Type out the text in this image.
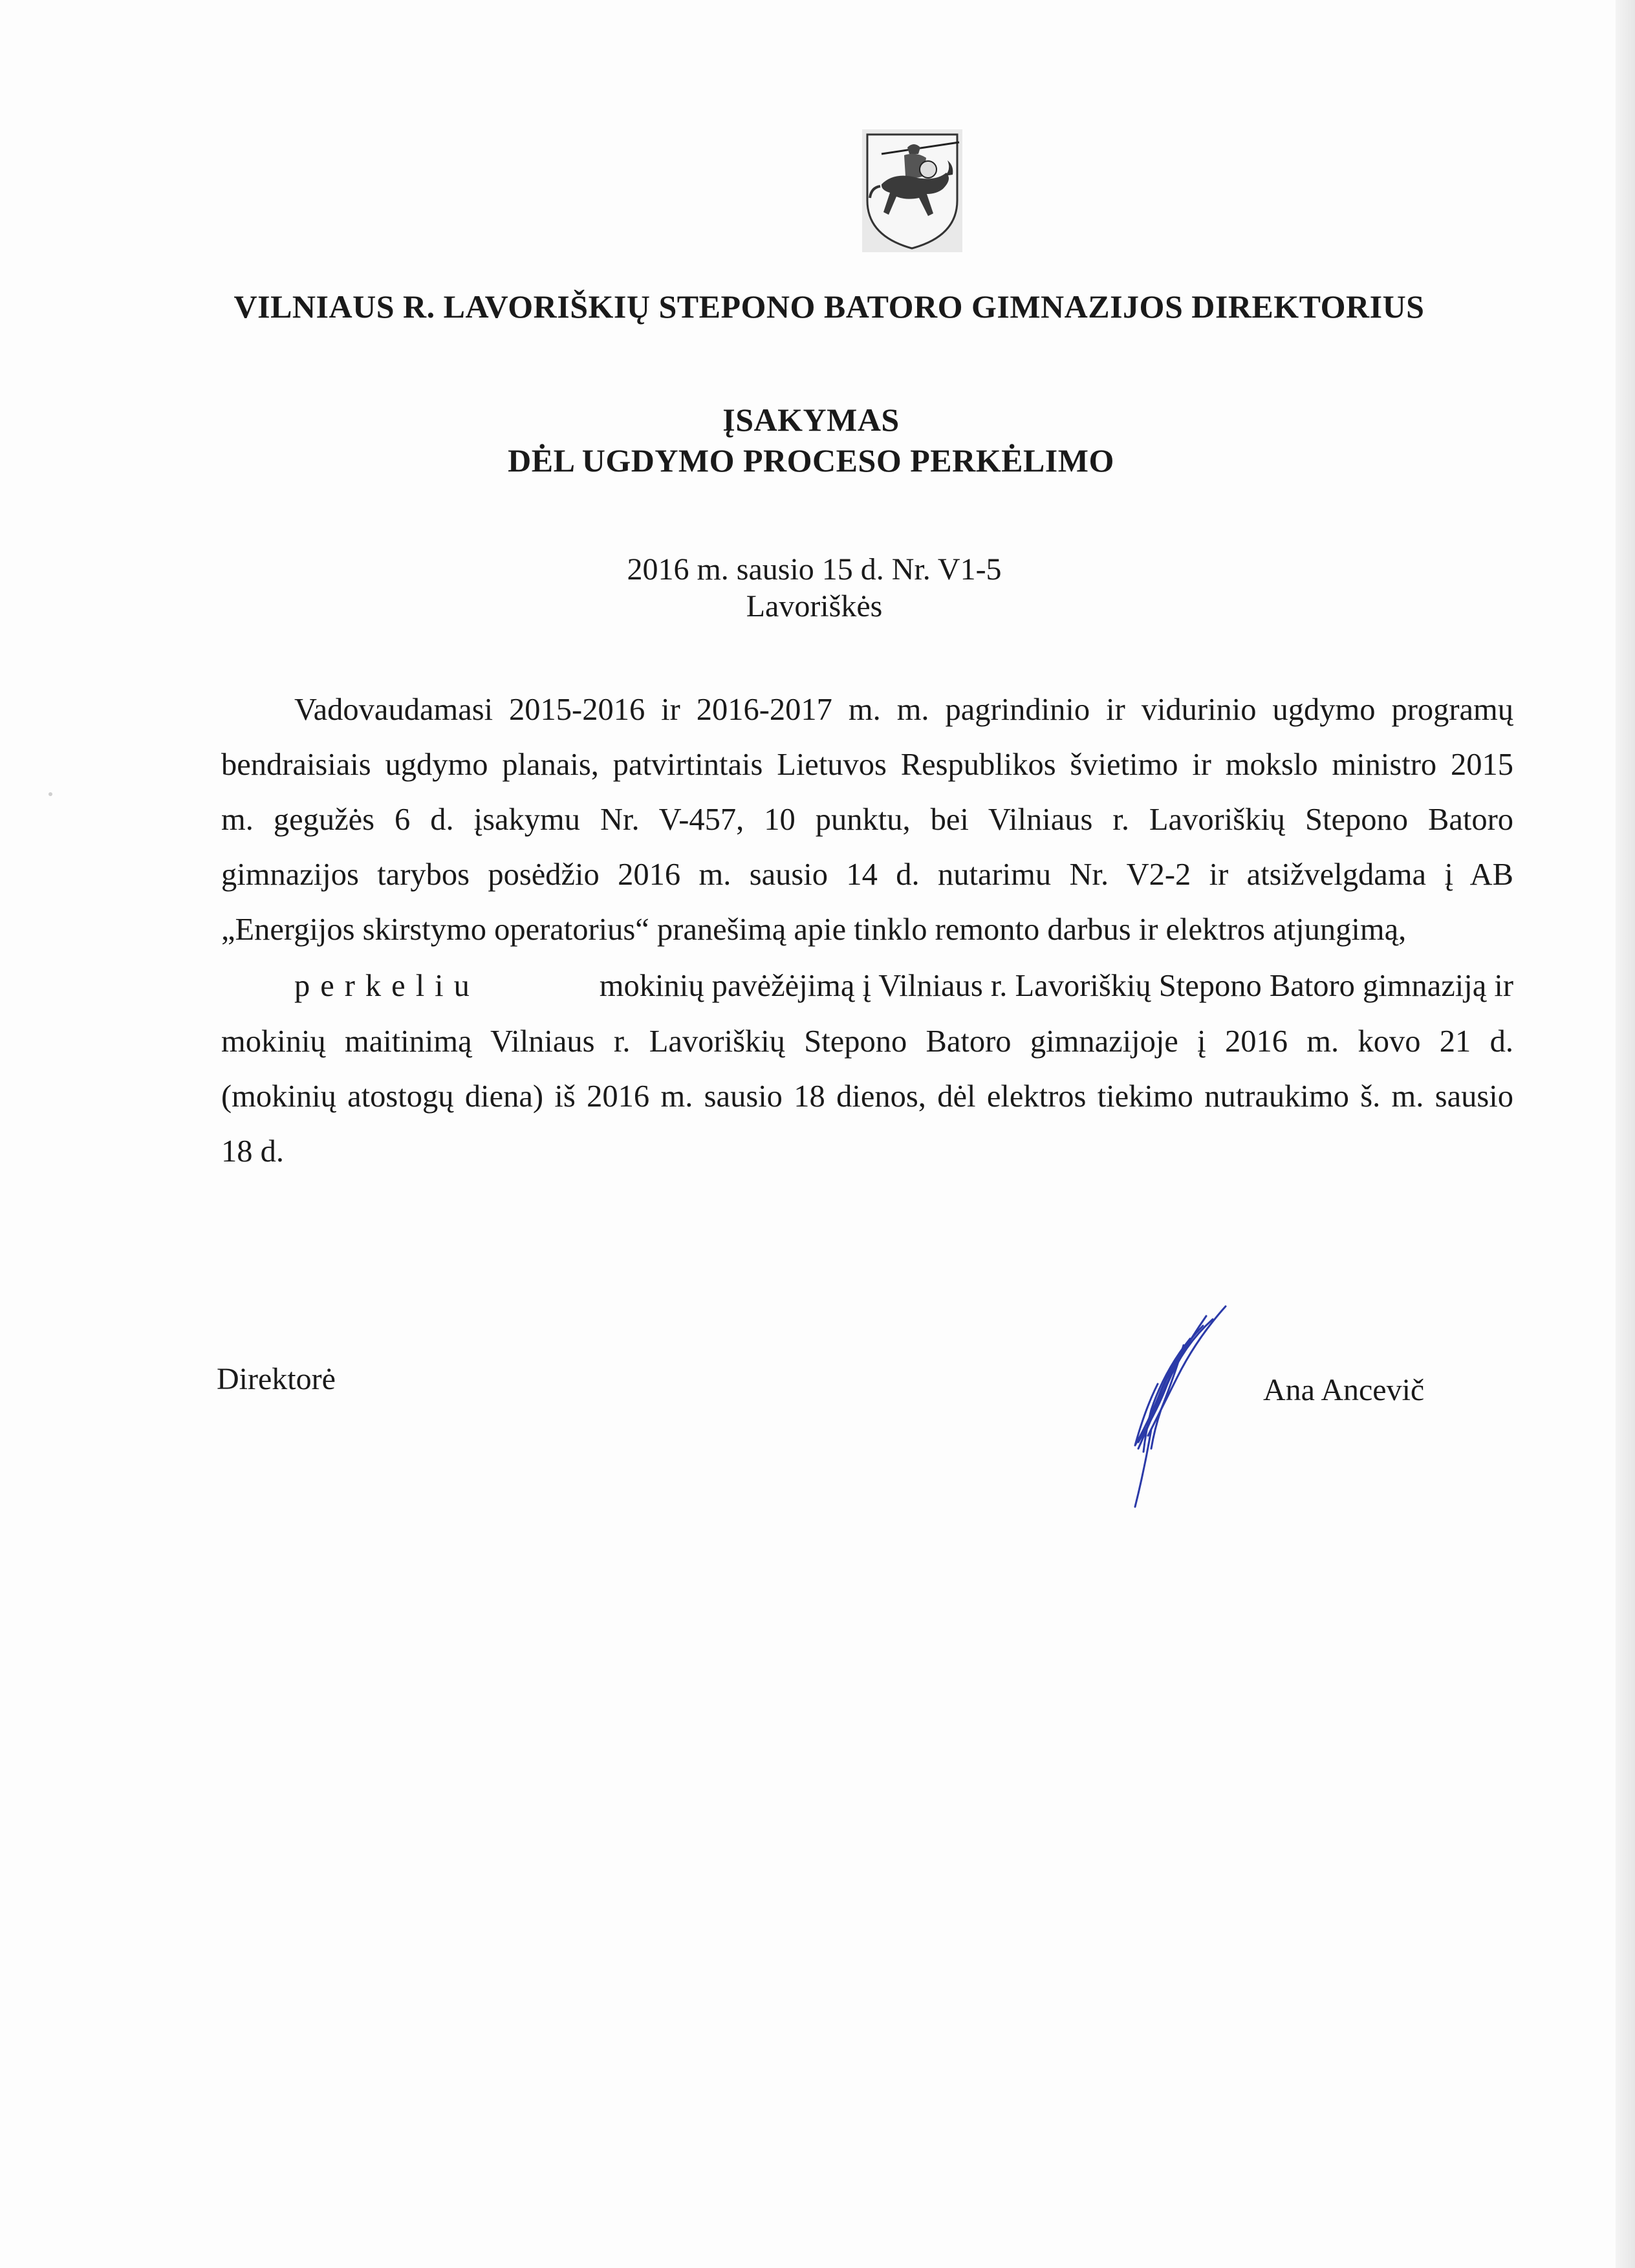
VILNIAUS R. LAVORIŠKIŲ STEPONO BATORO GIMNAZIJOS DIREKTORIUS
ĮSAKYMAS
DĖL UGDYMO PROCESO PERKĖLIMO
2016 m. sausio 15 d. Nr. V1-5
Lavoriškės
Vadovaudamasi 2015-2016 ir 2016-2017 m. m. pagrindinio ir vidurinio ugdymo programų
bendraisiais ugdymo planais, patvirtintais Lietuvos Respublikos švietimo ir mokslo ministro 2015
m. gegužės 6 d. įsakymu Nr. V-457, 10 punktu, bei Vilniaus r. Lavoriškių Stepono Batoro
gimnazijos tarybos posėdžio 2016 m. sausio 14 d. nutarimu Nr. V2-2 ir atsižvelgdama į AB
„Energijos skirstymo operatorius“ pranešimą apie tinklo remonto darbus ir elektros atjungimą,
perkeliu	mokinių pavėžėjimą į Vilniaus r. Lavoriškių Stepono Batoro gimnaziją ir
mokinių maitinimą Vilniaus r. Lavoriškių Stepono Batoro gimnazijoje į 2016 m. kovo 21 d.
(mokinių atostogų diena) iš 2016 m. sausio 18 dienos, dėl elektros tiekimo nutraukimo š. m. sausio
18 d.
Direktorė	Ana Ancevič
